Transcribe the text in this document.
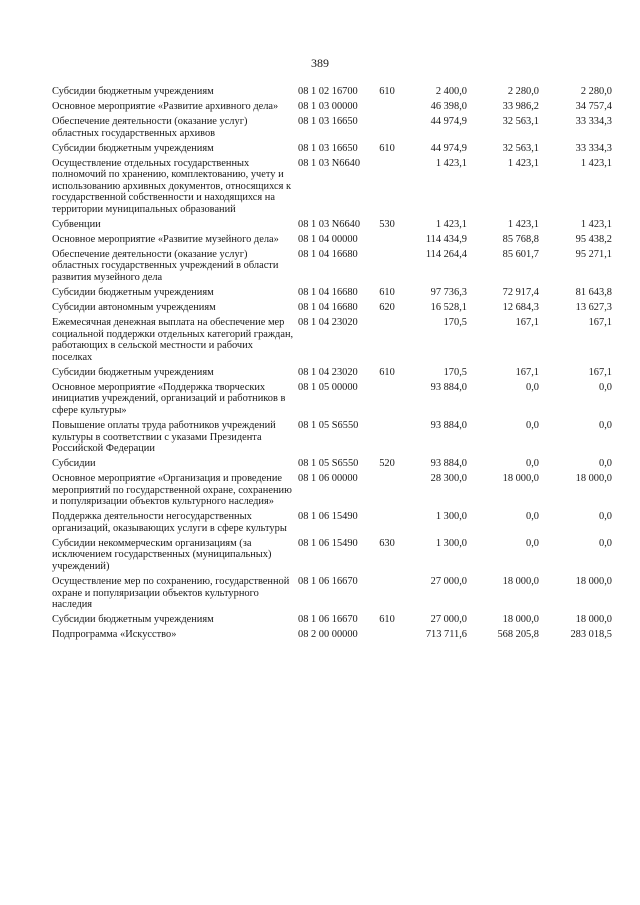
389
Субсидии бюджетным учреждениям	08 1 02 16700	610	2 400,0	2 280,0	2 280,0
Основное мероприятие «Развитие архивного дела»	08 1 03 00000		46 398,0	33 986,2	34 757,4
Обеспечение деятельности (оказание услуг) областных государственных архивов	08 1 03 16650		44 974,9	32 563,1	33 334,3
Субсидии бюджетным учреждениям	08 1 03 16650	610	44 974,9	32 563,1	33 334,3
Осуществление отдельных государственных полномочий по хранению, комплектованию, учету и использованию архивных документов, относящихся к государственной собственности и находящихся на территории муниципальных образований	08 1 03 N6640		1 423,1	1 423,1	1 423,1
Субвенции	08 1 03 N6640	530	1 423,1	1 423,1	1 423,1
Основное мероприятие «Развитие музейного дела»	08 1 04 00000		114 434,9	85 768,8	95 438,2
Обеспечение деятельности (оказание услуг) областных государственных учреждений в области развития музейного дела	08 1 04 16680		114 264,4	85 601,7	95 271,1
Субсидии бюджетным учреждениям	08 1 04 16680	610	97 736,3	72 917,4	81 643,8
Субсидии автономным учреждениям	08 1 04 16680	620	16 528,1	12 684,3	13 627,3
Ежемесячная денежная выплата на обеспечение мер социальной поддержки отдельных категорий граждан, работающих в сельской местности и рабочих поселках	08 1 04 23020		170,5	167,1	167,1
Субсидии бюджетным учреждениям	08 1 04 23020	610	170,5	167,1	167,1
Основное мероприятие «Поддержка творческих инициатив учреждений, организаций и работников в сфере культуры»	08 1 05 00000		93 884,0	0,0	0,0
Повышение оплаты труда работников учреждений культуры в соответствии с указами Президента Российской Федерации	08 1 05 S6550		93 884,0	0,0	0,0
Субсидии	08 1 05 S6550	520	93 884,0	0,0	0,0
Основное мероприятие «Организация и проведение мероприятий по государственной охране, сохранению и популяризации объектов культурного наследия»	08 1 06 00000		28 300,0	18 000,0	18 000,0
Поддержка деятельности негосударственных организаций, оказывающих услуги в сфере культуры	08 1 06 15490		1 300,0	0,0	0,0
Субсидии некоммерческим организациям (за исключением государственных (муниципальных) учреждений)	08 1 06 15490	630	1 300,0	0,0	0,0
Осуществление мер по сохранению, государственной охране и популяризации объектов культурного наследия	08 1 06 16670		27 000,0	18 000,0	18 000,0
Субсидии бюджетным учреждениям	08 1 06 16670	610	27 000,0	18 000,0	18 000,0
Подпрограмма «Искусство»	08 2 00 00000		713 711,6	568 205,8	283 018,5
